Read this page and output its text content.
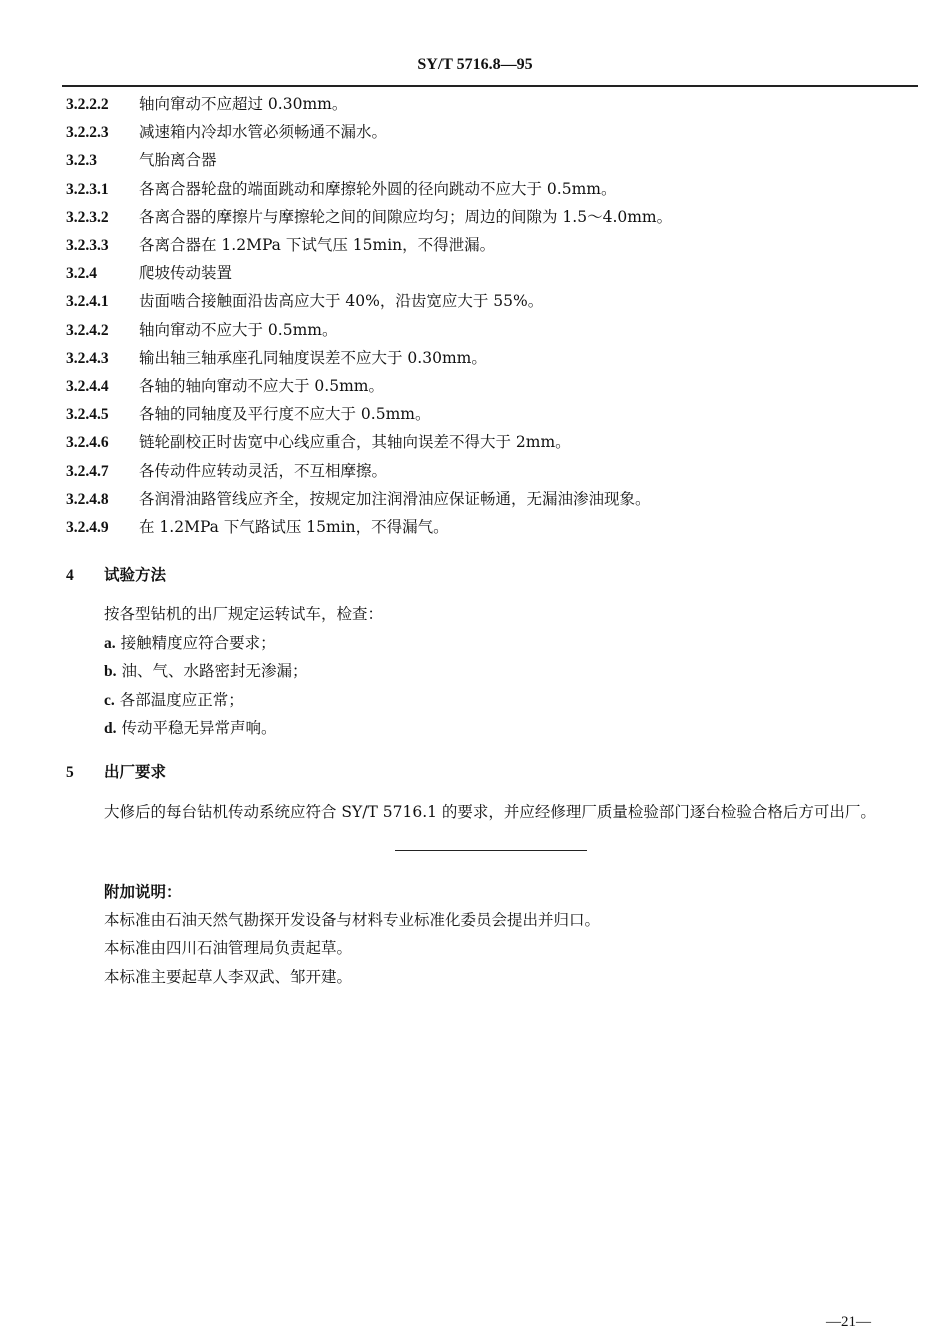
SY/T 5716.8—95
3.2.2.2 轴向窜动不应超过 0.30mm。
3.2.2.3 减速箱内冷却水管必须畅通不漏水。
3.2.3	气胎离合器
3.2.3.1 各离合器轮盘的端面跳动和摩擦轮外圆的径向跳动不应大于 0.5mm。
3.2.3.2 各离合器的摩擦片与摩擦轮之间的间隙应均匀；周边的间隙为 1.5～4.0mm。
3.2.3.3 各离合器在 1.2MPa 下试气压 15min，不得泄漏。
3.2.4	爬坡传动装置
3.2.4.1 齿面啮合接触面沿齿高应大于 40%，沿齿宽应大于 55%。
3.2.4.2 轴向窜动不应大于 0.5mm。
3.2.4.3 输出轴三轴承座孔同轴度误差不应大于 0.30mm。
3.2.4.4 各轴的轴向窜动不应大于 0.5mm。
3.2.4.5 各轴的同轴度及平行度不应大于 0.5mm。
3.2.4.6 链轮副校正时齿宽中心线应重合，其轴向误差不得大于 2mm。
3.2.4.7 各传动件应转动灵活，不互相摩擦。
3.2.4.8 各润滑油路管线应齐全，按规定加注润滑油应保证畅通，无漏油渗油现象。
3.2.4.9 在 1.2MPa 下气路试压 15min，不得漏气。
4 试验方法
按各型钻机的出厂规定运转试车，检查：
a. 接触精度应符合要求；
b. 油、气、水路密封无渗漏；
c. 各部温度应正常；
d. 传动平稳无异常声响。
5 出厂要求
大修后的每台钻机传动系统应符合 SY/T 5716.1 的要求，并应经修理厂质量检验部门逐台检验合格后方可出厂。
附加说明：
本标准由石油天然气勘探开发设备与材料专业标准化委员会提出并归口。
本标准由四川石油管理局负责起草。
本标准主要起草人李双武、邹开建。
—21—
